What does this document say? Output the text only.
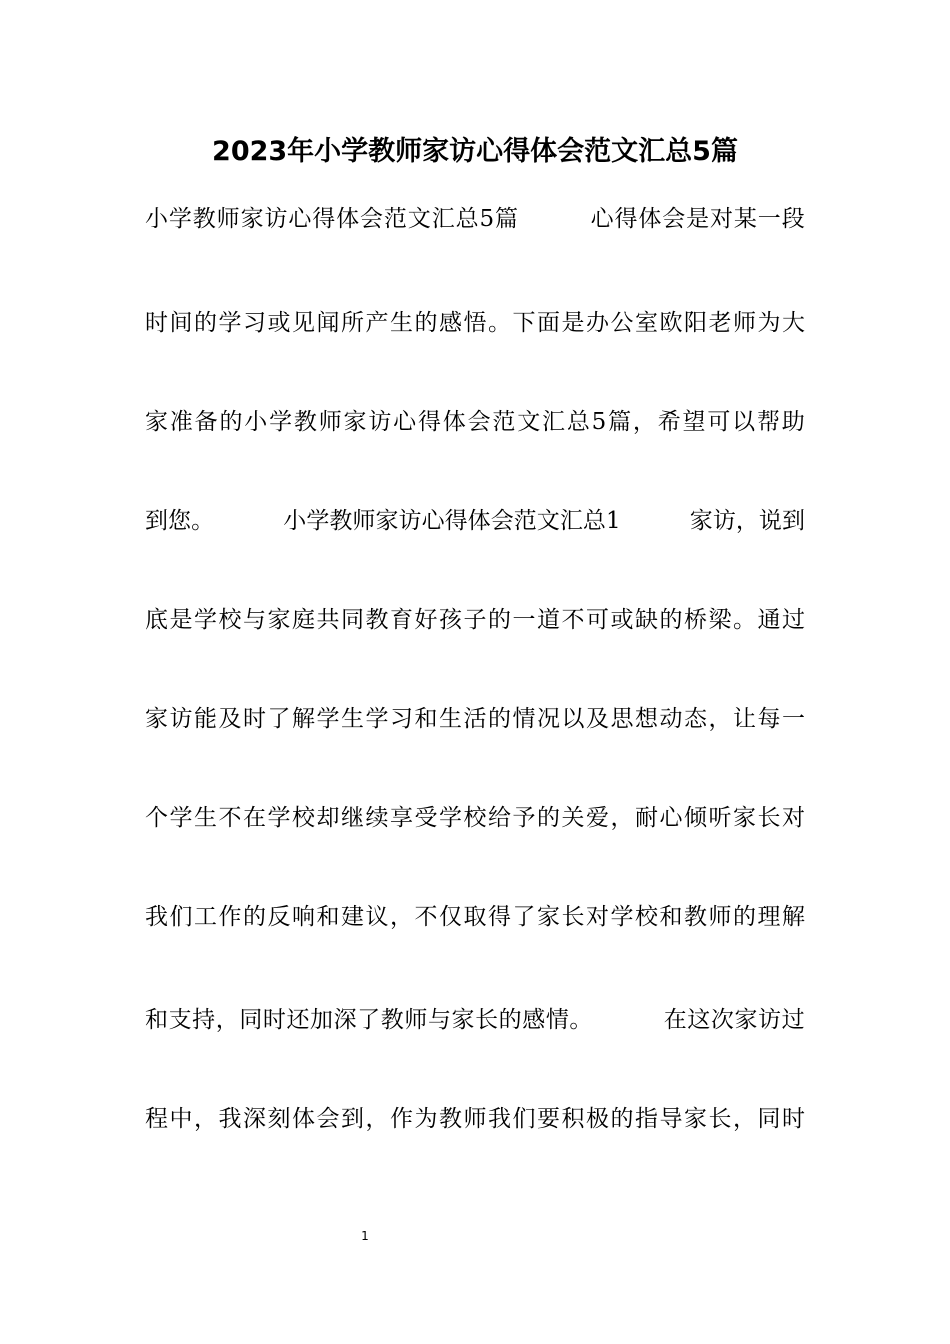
2023年小学教师家访心得体会范文汇总5篇
小 学 教 师 家 访 心 得 体 会 范 文 汇 总 5 篇

　	心 得 体 会 是 对 某 一 段
时 间 的 学 习 或 见 闻 所 产 生 的 感 悟 。 下 面 是 办 公 室 欧 阳 老 师 为 大
家 准 备 的 小 学 教 师 家 访 心 得 体 会 范 文 汇 总 5 篇 ， 希 望 可 以 帮 助
到 您 。

　	小 学 教 师 家 访 心 得 体 会 范 文 汇 总 1

　	家 访 ， 说 到
底 是 学 校 与 家 庭 共 同 教 育 好 孩 子 的 一 道 不 可 或 缺 的 桥 梁 。 通 过
家 访 能 及 时 了 解 学 生 学 习 和 生 活 的 情 况 以 及 思 想 动 态 ， 让 每 一
个 学 生 不 在 学 校 却 继 续 享 受 学 校 给 予 的 关 爱 ， 耐 心 倾 听 家 长 对
我 们 工 作 的 反 响 和 建 议 ， 不 仅 取 得 了 家 长 对 学 校 和 教 师 的 理 解
和 支 持 ， 同 时 还 加 深 了 教 师 与 家 长 的 感 情 。

　	在 这 次 家 访 过
程 中 ， 我 深 刻 体 会 到 ， 作 为 教 师 我 们 要 积 极 的 指 导 家 长 ， 同 时
1
